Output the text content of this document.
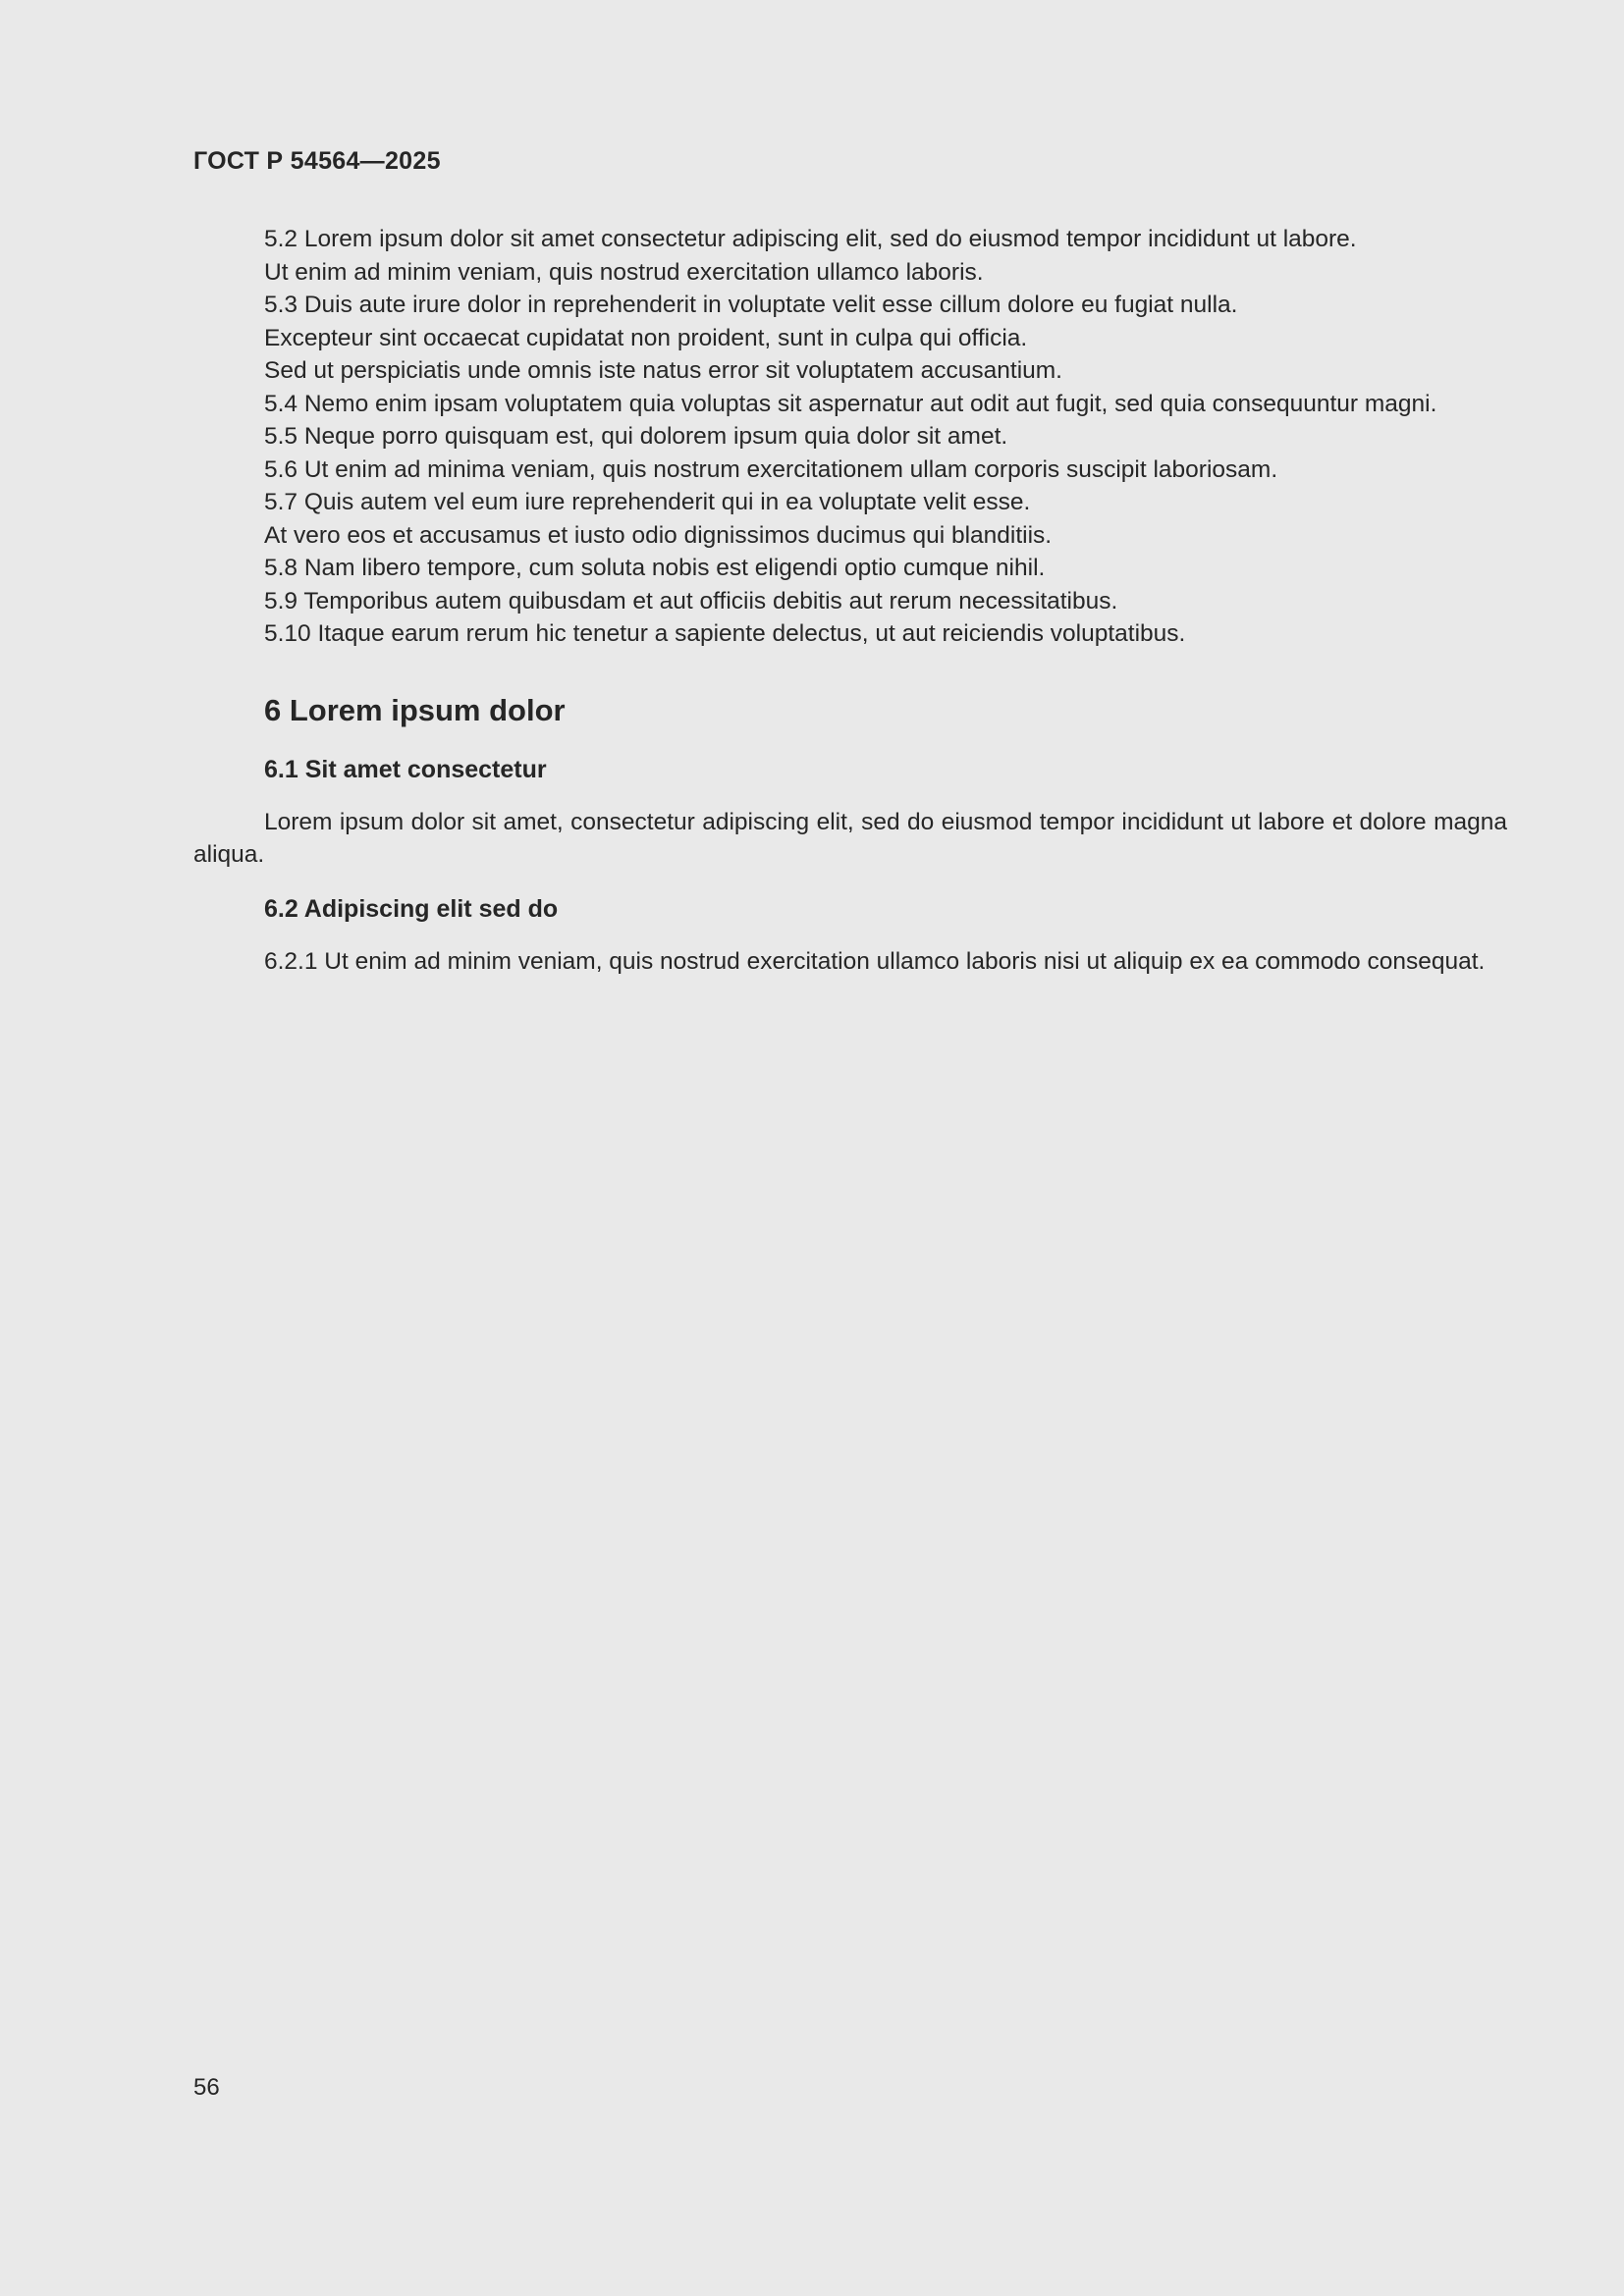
ГОСТ Р 54564—2025

5.2 Lorem ipsum dolor sit amet consectetur adipiscing elit, sed do eiusmod tempor incididunt ut labore.

Ut enim ad minim veniam, quis nostrud exercitation ullamco laboris.

5.3 Duis aute irure dolor in reprehenderit in voluptate velit esse cillum dolore eu fugiat nulla.

Excepteur sint occaecat cupidatat non proident, sunt in culpa qui officia.

Sed ut perspiciatis unde omnis iste natus error sit voluptatem accusantium.

5.4 Nemo enim ipsam voluptatem quia voluptas sit aspernatur aut odit aut fugit, sed quia consequuntur magni.

5.5 Neque porro quisquam est, qui dolorem ipsum quia dolor sit amet.

5.6 Ut enim ad minima veniam, quis nostrum exercitationem ullam corporis suscipit laboriosam.

5.7 Quis autem vel eum iure reprehenderit qui in ea voluptate velit esse.

At vero eos et accusamus et iusto odio dignissimos ducimus qui blanditiis.

5.8 Nam libero tempore, cum soluta nobis est eligendi optio cumque nihil.

5.9 Temporibus autem quibusdam et aut officiis debitis aut rerum necessitatibus.

5.10 Itaque earum rerum hic tenetur a sapiente delectus, ut aut reiciendis voluptatibus.

6 Lorem ipsum dolor
6.1 Sit amet consectetur

Lorem ipsum dolor sit amet, consectetur adipiscing elit, sed do eiusmod tempor incididunt ut labore et dolore magna aliqua.

6.2 Adipiscing elit sed do

6.2.1 Ut enim ad minim veniam, quis nostrud exercitation ullamco laboris nisi ut aliquip ex ea commodo consequat.

56
